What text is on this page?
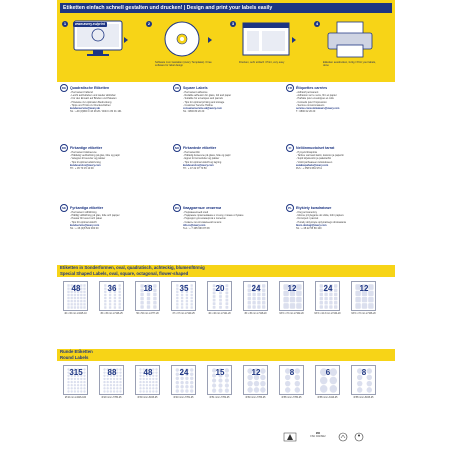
Etiketten einfach schnell gestalten und drucken! | Design and print your labels easily
1	www.avery.eu/print	2
Software zum Gestalten (Avery Templates) / Free software for label design
3
Drucken, sehr einfach / Print, very easy
4
Etiketten ausdrucken, fertig / Print your labels, done
DE	Quadratische Etiketten
- Permanent haftend
- Leicht aufzukleben und wieder ablösbar
- Für den Einsatz auf Briefen und Paketen
- Hinweise zur optimalen Bedruckung
- Tipps und Tricks zu Druckverfahren
kundenservice@avery.de
Tel.: +49 (0)800 0 43 28 26 / 0043 1 80 01 161
UK	Square Labels
- Permanent adhesive
- Reliable adhesion for glass, foil and paper
- Suitable for envelopes and parcels
- Tips for optimal printing and storage
- Customer Service Hotline
consumerservice.uk@avery.com
Tel.: 0800 80 20 20
FR	Étiquettes carrées
- Adhésif permanent
- Adhésion sur le verre, film et papier
- Parfaite pour enveloppes et colis
- Conseils pour l'impression
- Service consommateurs
service-consommateurs@avery.com
T.: 0800 02 20 20
DK	Firkantige etiketter
- Permanent klæbeevne
- Pålidelig vedhæftning på glas, folie og papir
- Velegnet til kuverter og pakker
- Tips til optimal udskrivning
kundeservice@avery.com
Tlf.: + 45 70 15 10 00
NO	Firkantede etiketter
- Permanentlim
- Pålitelig festeevne på glass, folie og papir
- Egnet for konvolutter og pakker
- Tips for optimal utskrift og lagring
kundeservice@avery.com
Tlf.: + 47 22 97 70 50
FI	Neliönmuotoiset tarrat
- Pysyvä liimapinta
- Tarttuu varmasti lasiin, kalvoon ja paperiin
- Sopii kirjekuoriin ja paketteihin
- Vinkit parhaaseen tulostukseen
asiakaspalvelu@avery.com
Puh.: + 358 9 681 9711
SE	Fyrkantiga etiketter
- Permanent vidhäftning
- Pålitlig vidhäftning på glas, folie och papper
- Passar för kuvert och paket
- Tips för optimal utskrift
kundservice@avery.com
Tel.: + 46 (0)8 522 000 00
RU	Квадратные этикетки
- Перманентный клей
- Надёжное приклеивание к стеклу, плёнке и бумаге
- Подходят для конвертов и посылок
- Советы по оптимальной печати
info.ru@avery.com
Тел.: + 7 495 663 87 68
PL	Etykiety kwadratowe
- Klej permanentny
- Mocne przyleganie do szkła, folii i papieru
- Do kopert i paczek
- Porady dotyczące optymalnego drukowania
biuro.obslugi@avery.com
Tel.: + 48 22 55 89 100
Etiketten in Sonderformen, oval, quadratisch, achteckig, blumenförmig
Special Shaped Labels, oval, square, octagonal, flower-shaped
48
40 x 30 mm L3415-10
36
45 x 45 mm L7126-25
18
50 x 50 mm L4777-20
35
37 x 37 mm L7120-25
20
40 x 40 mm L7121-20
24
45 x 45 mm L7118-20
12
63.5 x 72 mm L7102-20
24
63.5 x 42.3 mm L7104-20
12
63.5 x 72 mm L7106-20
Runde Etiketten
Round Labels
315
Ø 10 mm L3416-100
88
Ø 20 mm L7780-25
48
Ø 30 mm L6015-25
24
Ø 40 mm L7781-25
15
Ø 51 mm L7782-25
12
Ø 60 mm L7783-25
8
Ø 85 mm L7780-25
6
Ø 85 mm L3416-25
8
Ø 85 mm L6015-25
MIX
FSC C013912
